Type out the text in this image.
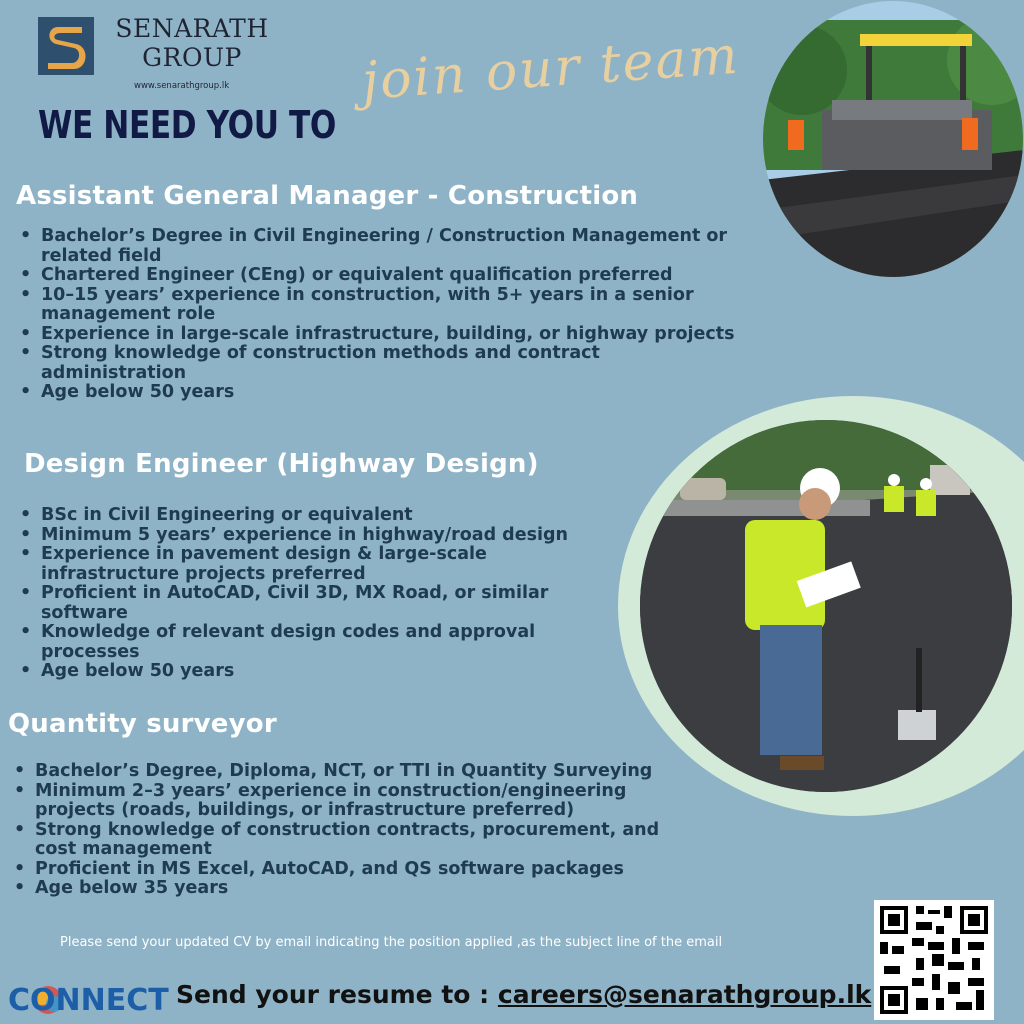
SENARATH
GROUP
www.senarathgroup.lk
WE NEED YOU TO
join our team
Assistant General Manager - Construction
• Bachelor’s Degree in Civil Engineering / Construction Management or related field
• Chartered Engineer (CEng) or equivalent qualification preferred
• 10–15 years’ experience in construction, with 5+ years in a senior management role
• Experience in large-scale infrastructure, building, or highway projects
• Strong knowledge of construction methods and contract administration
• Age below 50 years
Design Engineer (Highway Design)
• BSc in Civil Engineering or equivalent
• Minimum 5 years’ experience in highway/road design
• Experience in pavement design & large-scale infrastructure projects preferred
• Proficient in AutoCAD, Civil 3D, MX Road, or similar software
• Knowledge of relevant design codes and approval processes
• Age below 50 years
Quantity surveyor
• Bachelor’s Degree, Diploma, NCT, or TTI in Quantity Surveying
• Minimum 2–3 years’ experience in construction/engineering projects (roads, buildings, or infrastructure preferred)
• Strong knowledge of construction contracts, procurement, and cost management
• Proficient in MS Excel, AutoCAD, and QS software packages
• Age below 35 years
Please send your updated CV by email indicating the position applied ,as the subject line of the email
CONNECT Send your resume to : careers@senarathgroup.lk
